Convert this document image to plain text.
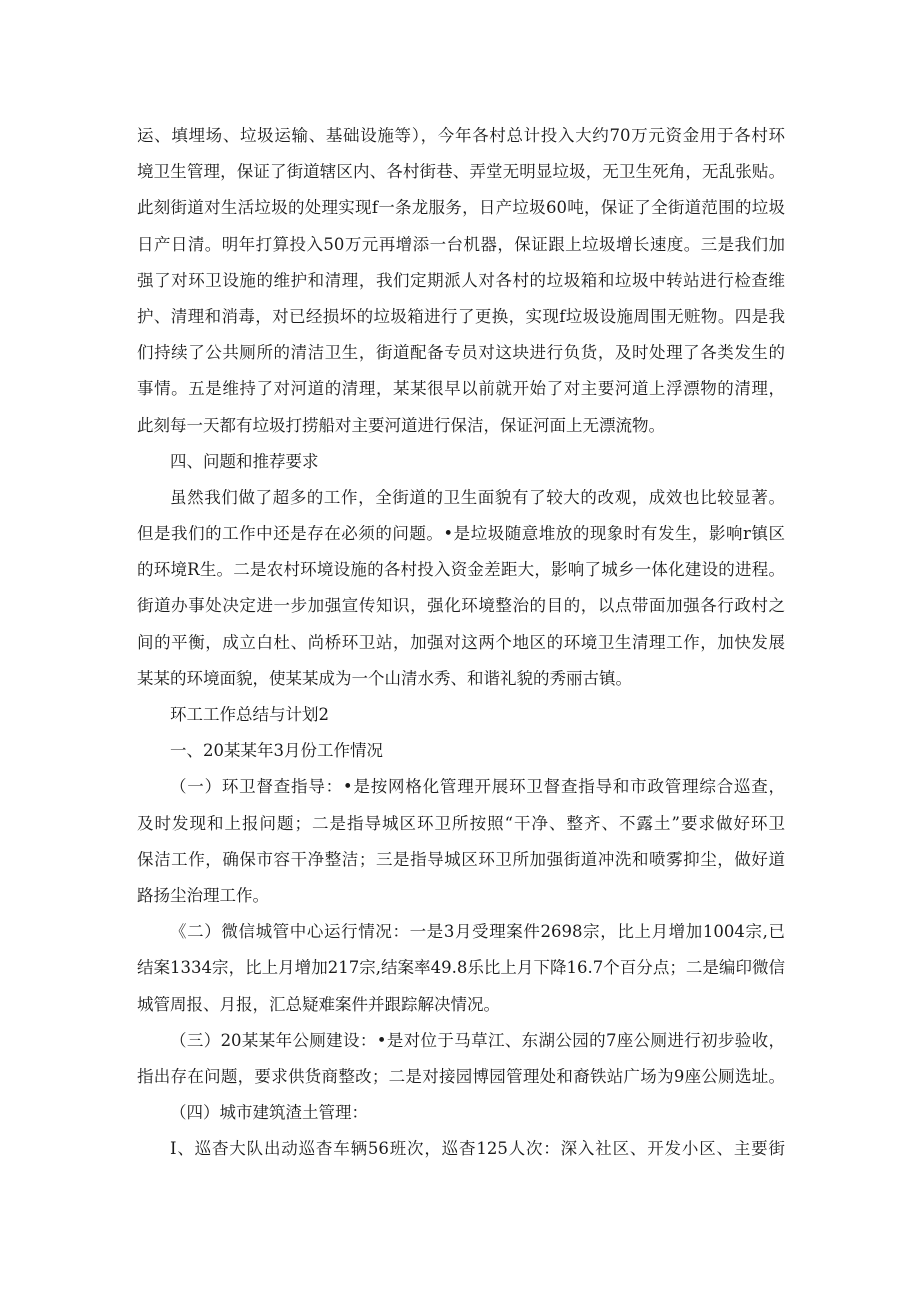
运、填埋场、垃圾运输、基础设施等），今年各村总计投入大约70万元资金用于各村环
境卫生管理，保证了街道辖区内、各村街巷、弄堂无明显垃圾，无卫生死角，无乱张贴。
此刻街道对生活垃圾的处理实现f一条龙服务，日产垃圾60吨，保证了全街道范围的垃圾
日产日清。明年打算投入50万元再增添一台机器，保证跟上垃圾增长速度。三是我们加
强了对环卫设施的维护和清理，我们定期派人对各村的垃圾箱和垃圾中转站进行检查维
护、清理和消毒，对已经损坏的垃圾箱进行了更换，实现f垃圾设施周围无赃物。四是我
们持续了公共厕所的清洁卫生，街道配备专员对这块进行负货，及时处理了各类发生的
事情。五是维持了对河道的清理，某某很早以前就开始了对主要河道上浮漂物的清理，
此刻每一天都有垃圾打捞船对主要河道进行保洁，保证河面上无漂流物。
四、问题和推荐要求
虽然我们做了超多的工作，全街道的卫生面貌有了较大的改观，成效也比较显著。
但是我们的工作中还是存在必须的问题。•是垃圾随意堆放的现象时有发生，影响r镇区
的环境R生。二是农村环境设施的各村投入资金差距大，影响了城乡一体化建设的进程。
街道办事处决定进一步加强宣传知识，强化环境整治的目的，以点带面加强各行政村之
间的平衡，成立白杜、尚桥环卫站，加强对这两个地区的环境卫生清理工作，加快发展
某某的环境面貌，使某某成为一个山清水秀、和谐礼貌的秀丽古镇。
环工工作总结与计划2
一、20某某年3月份工作情况
（一）环卫督查指导：•是按网格化管理开展环卫督查指导和市政管理综合巡查，
及时发现和上报问题；二是指导城区环卫所按照“干净、整齐、不露土”要求做好环卫
保洁工作，确保市容干净整洁；三是指导城区环卫所加强街道冲洗和喷雾抑尘，做好道
路扬尘治理工作。
《二）微信城管中心运行情况：一是3月受理案件2698宗，比上月增加1004宗,已
结案1334宗，比上月增加217宗,结案率49.8乐比上月下降16.7个百分点；二是编印微信
城管周报、月报，汇总疑难案件并跟踪解决情况。
（三）20某某年公厕建设：•是对位于马草江、东湖公园的7座公厕进行初步验收，
指出存在问题，要求供货商整改；二是对接园博园管理处和裔铁站广场为9座公厕选址。
（四）城市建筑渣土管理：
I、巡杳大队出动巡杳车辆56班次，巡杳125人次：深入社区、开发小区、主要街
